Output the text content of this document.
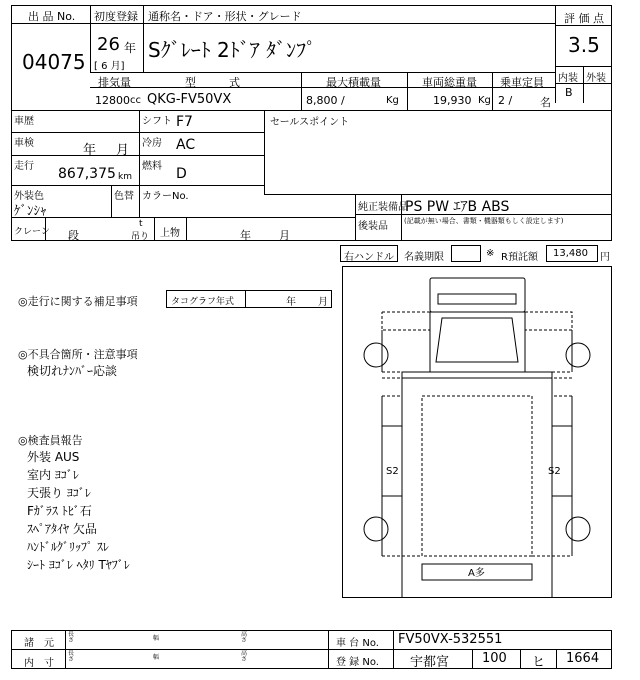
出 品 No.
04075
初度登録
26 年
[ 6 月]
通称名・ドア・形状・グレード
Sｸﾞﾚｰﾄ 2ﾄﾞｱ ﾀﾞﾝﾌﾟ
評 価 点
3.5
内装 外装
B
排気量
12800 cc
型　　　式
QKG-FV50VX
最大積載量
8,800 /	Kg
車両総重量
19,930 Kg
乗車定員
2 /	名
車歴	シフト F7	セールスポイント
車検	年 月 冷房 AC
走行 867,375 km
燃料 D
外装色
ｹﾞﾝｼｬ
色替 カラーNo.
純正装備品
PS PW ｴｱB ABS
後装品 (記載が無い場合、書類・機器類もしく設定します)
クレーン 段
t
吊り 上物	年	月
右ハンドル 名義期限	※ R預託額 13,480 円
◎走行に関する補足事項	タコグラフ年式	年 月
◎不具合箇所・注意事項
検切れﾅﾝﾊﾞｰ応談
◎検査員報告
外装 AUS
室内 ﾖｺﾞﾚ
天張り ﾖｺﾞﾚ
Fｶﾞﾗｽ ﾄﾋﾞ石
ｽﾍﾟｱﾀｲﾔ 欠品
ﾊﾝﾄﾞﾙｸﾞﾘｯﾌﾟ ｽﾚ
ｼｰﾄ ﾖｺﾞﾚ ﾍﾀﾘ Tﾔﾌﾞﾚ
S2	S2
A多
諸　元
内　寸
長さ	幅
高さ
長さ	幅
高さ
車 台 No. FV50VX-532551
登 録 No. 宇都宮	100 ヒ 1664
